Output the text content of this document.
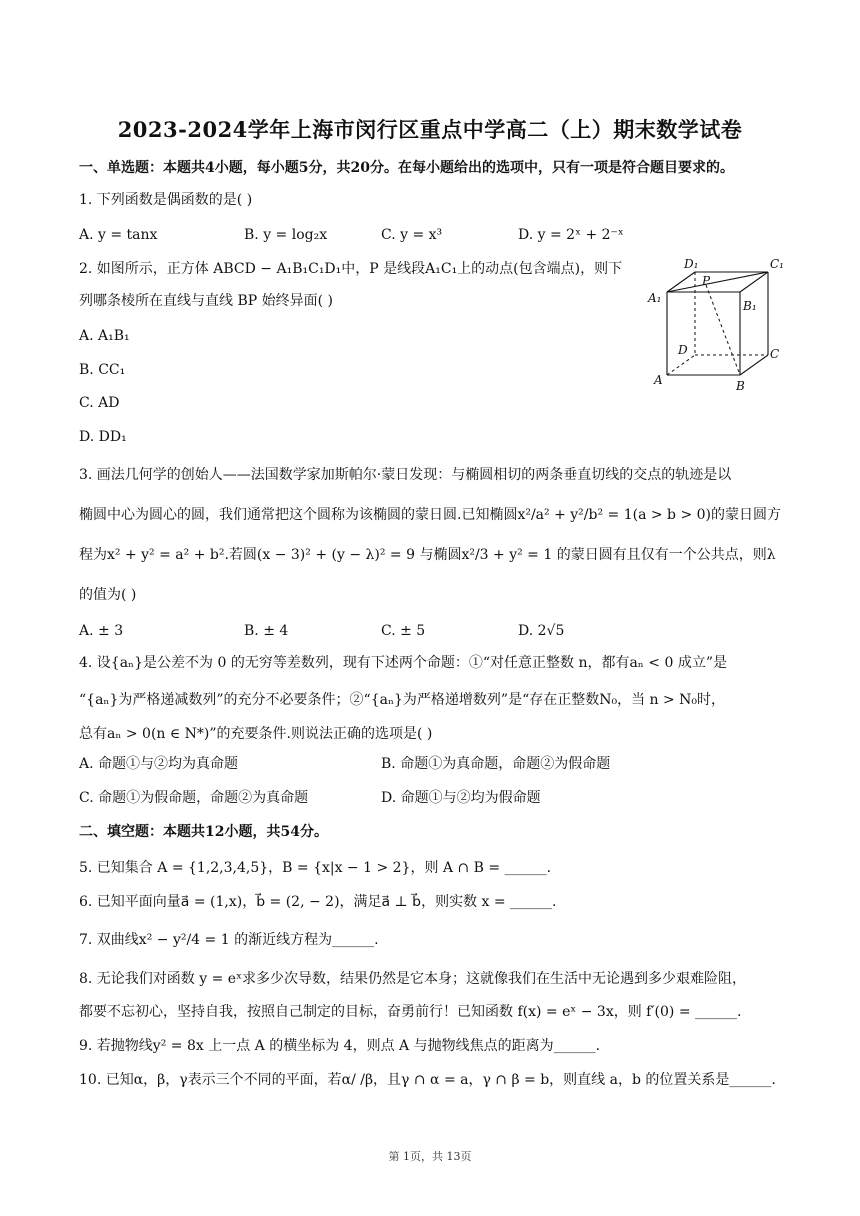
2023-2024学年上海市闵行区重点中学高二（上）期末数学试卷
一、单选题：本题共4小题，每小题5分，共20分。在每小题给出的选项中，只有一项是符合题目要求的。
1. 下列函数是偶函数的是( )
A. y = tanx	B. y = log₂x	C. y = x³	D. y = 2ˣ + 2⁻ˣ
2. 如图所示，正方体 ABCD − A₁B₁C₁D₁中，P 是线段A₁C₁上的动点(包含端点)，则下
列哪条棱所在直线与直线 BP 始终异面( )
A. A₁B₁
B. CC₁
C. AD
D. DD₁
D₁
P
C₁
A₁
B₁
D	C
A	B
3. 画法几何学的创始人——法国数学家加斯帕尔·蒙日发现：与椭圆相切的两条垂直切线的交点的轨迹是以
椭圆中心为圆心的圆，我们通常把这个圆称为该椭圆的蒙日圆.已知椭圆x²/a² + y²/b² = 1(a > b > 0)的蒙日圆方
程为x² + y² = a² + b².若圆(x − 3)² + (y − λ)² = 9 与椭圆x²/3 + y² = 1 的蒙日圆有且仅有一个公共点，则λ
的值为( )
A. ± 3	B. ± 4	C. ± 5	D. 2√5
4. 设{aₙ}是公差不为 0 的无穷等差数列，现有下述两个命题：①“对任意正整数 n，都有aₙ < 0 成立”是
“{aₙ}为严格递减数列”的充分不必要条件；②“{aₙ}为严格递增数列”是“存在正整数N₀，当 n > N₀时，
总有aₙ > 0(n ∈ N*)”的充要条件.则说法正确的选项是( )
A. 命题①与②均为真命题	B. 命题①为真命题，命题②为假命题
C. 命题①为假命题，命题②为真命题	D. 命题①与②均为假命题
二、填空题：本题共12小题，共54分。
5. 已知集合 A = {1,2,3,4,5}，B = {x|x − 1 > 2}，则 A ∩ B = ______.
6. 已知平面向量a⃗ = (1,x)，b⃗ = (2, − 2)，满足a⃗ ⊥ b⃗，则实数 x = ______.
7. 双曲线x² − y²/4 = 1 的渐近线方程为______.
8. 无论我们对函数 y = eˣ求多少次导数，结果仍然是它本身；这就像我们在生活中无论遇到多少艰难险阻，
都要不忘初心，坚持自我，按照自己制定的目标，奋勇前行！已知函数 f(x) = eˣ − 3x，则 f′(0) = ______.
9. 若抛物线y² = 8x 上一点 A 的横坐标为 4，则点 A 与抛物线焦点的距离为______.
10. 已知α，β，γ表示三个不同的平面，若α/ /β，且γ ∩ α = a，γ ∩ β = b，则直线 a，b 的位置关系是______.
第 1页，共 13页
